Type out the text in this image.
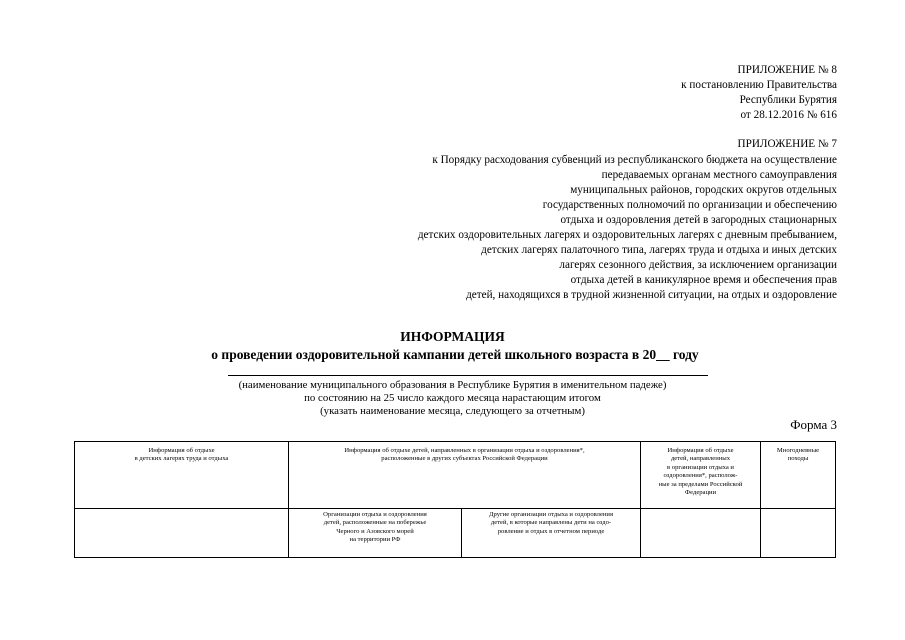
ПРИЛОЖЕНИЕ № 8
к постановлению Правительства
Республики Бурятия
от 28.12.2016 № 616
ПРИЛОЖЕНИЕ № 7
к Порядку расходования субвенций из республиканского бюджета на осуществление
передаваемых органам местного самоуправления
муниципальных районов, городских округов отдельных
государственных полномочий по организации и обеспечению
отдыха и оздоровления детей в загородных стационарных
детских оздоровительных лагерях и оздоровительных лагерях с дневным пребыванием,
детских лагерях палаточного типа, лагерях труда и отдыха и иных детских
лагерях сезонного действия, за исключением организации
отдыха детей в каникулярное время и обеспечения прав
детей, находящихся в трудной жизненной ситуации, на отдых и оздоровление
ИНФОРМАЦИЯ
о проведении оздоровительной кампании детей школьного возраста в 20__ году
(наименование муниципального образования в Республике Бурятия в именительном падеже)
по состоянию на 25 число каждого месяца нарастающим итогом
(указать наименование месяца, следующего за отчетным)
Форма 3
Информация об отдыхе
в детских лагерях труда и отдыха
Информация об отдыхе детей, направленных в организации отдыха и оздоровления*,
расположенные в других субъектах Российской Федерации
Информация об отдыхе
детей, направленных
в организации отдыха и
оздоровления*, располож-
ные за пределами Российской
Федерации
Многодневные
походы
Организации отдыха и оздоровления
детей, расположенные на побережье
Черного и Азовского морей
на территории РФ
Другие организации отдыха и оздоровления
детей, в которые направлены дети на оздо-
ровление и отдых в отчетном периоде
